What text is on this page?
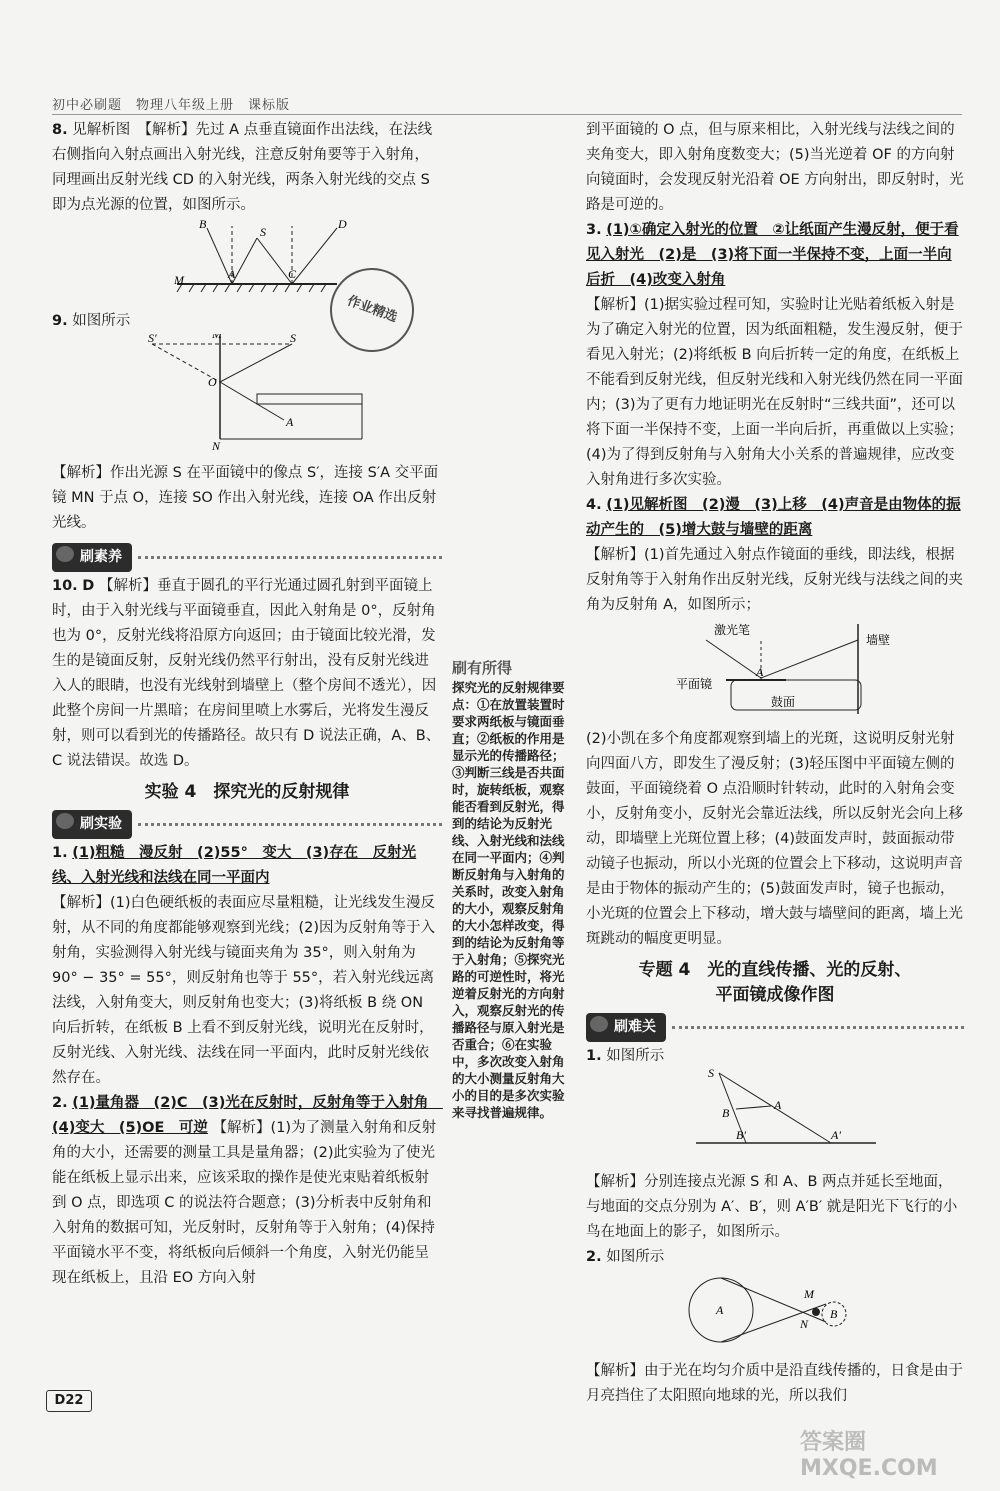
初中必刷题　物理八年级上册　课标版

8. 见解析图　【解析】先过 A 点垂直镜面作出法线，在法线右侧指向入射点画出入射光线，注意反射角要等于入射角，同理画出反射光线 CD 的入射光线，两条入射光线的交点 S 即为点光源的位置，如图所示。

B
S
D
M	A	C

9. 如图所示

S′	M	S
O
N
A

【解析】作出光源 S 在平面镜中的像点 S′，连接 S′A 交平面镜 MN 于点 O，连接 SO 作出入射光线，连接 OA 作出反射光线。

刷素养

10. D 【解析】垂直于圆孔的平行光通过圆孔射到平面镜上时，由于入射光线与平面镜垂直，因此入射角是 0°，反射角也为 0°，反射光线将沿原方向返回；由于镜面比较光滑，发生的是镜面反射，反射光线仍然平行射出，没有反射光线进入人的眼睛，也没有光线射到墙壁上（整个房间不透光），因此整个房间一片黑暗；在房间里喷上水雾后，光将发生漫反射，则可以看到光的传播路径。故只有 D 说法正确，A、B、C 说法错误。故选 D。

实验 4　探究光的反射规律
刷实验

1. (1)粗糙　漫反射　(2)55°　变大　(3)存在　反射光线、入射光线和法线在同一平面内

【解析】(1)白色硬纸板的表面应尽量粗糙，让光线发生漫反射，从不同的角度都能够观察到光线；(2)因为反射角等于入射角，实验测得入射光线与镜面夹角为 35°，则入射角为 90° − 35° = 55°，则反射角也等于 55°，若入射光线远离法线，入射角变大，则反射角也变大；(3)将纸板 B 绕 ON 向后折转，在纸板 B 上看不到反射光线，说明光在反射时，反射光线、入射光线、法线在同一平面内，此时反射光线依然存在。

2. (1)量角器　(2)C　(3)光在反射时，反射角等于入射角　(4)变大　(5)OE　可逆 【解析】(1)为了测量入射角和反射角的大小，还需要的测量工具是量角器；(2)此实验为了使光能在纸板上显示出来，应该采取的操作是使光束贴着纸板射到 O 点，即选项 C 的说法符合题意；(3)分析表中反射角和入射角的数据可知，光反射时，反射角等于入射角；(4)保持平面镜水平不变，将纸板向后倾斜一个角度，入射光仍能呈现在纸板上，且沿 EO 方向入射

作业精选
刷有所得
探究光的反射规律要点：①在放置装置时要求两纸板与镜面垂直；②纸板的作用是显示光的传播路径；③判断三线是否共面时，旋转纸板，观察能否看到反射光，得到的结论为反射光线、入射光线和法线在同一平面内；④判断反射角与入射角的关系时，改变入射角的大小，观察反射角的大小怎样改变，得到的结论为反射角等于入射角；⑤探究光路的可逆性时，将光逆着反射光的方向射入，观察反射光的传播路径与原入射光是否重合；⑥在实验中，多次改变入射角的大小测量反射角大小的目的是多次实验来寻找普遍规律。

到平面镜的 O 点，但与原来相比，入射光线与法线之间的夹角变大，即入射角度数变大；(5)当光逆着 OF 的方向射向镜面时，会发现反射光沿着 OE 方向射出，即反射时，光路是可逆的。

3. (1)①确定入射光的位置　②让纸面产生漫反射，便于看见入射光　(2)是　(3)将下面一半保持不变，上面一半向后折　(4)改变入射角

【解析】(1)据实验过程可知，实验时让光贴着纸板入射是为了确定入射光的位置，因为纸面粗糙，发生漫反射，便于看见入射光；(2)将纸板 B 向后折转一定的角度，在纸板上不能看到反射光线，但反射光线和入射光线仍然在同一平面内；(3)为了更有力地证明光在反射时“三线共面”，还可以将下面一半保持不变，上面一半向后折，再重做以上实验；(4)为了得到反射角与入射角大小关系的普遍规律，应改变入射角进行多次实验。

4. (1)见解析图　(2)漫　(3)上移　(4)声音是由物体的振动产生的　(5)增大鼓与墙壁的距离

【解析】(1)首先通过入射点作镜面的垂线，即法线，根据反射角等于入射角作出反射光线，反射光线与法线之间的夹角为反射角 A，如图所示；

激光笔
墙壁
平面镜
鼓面
A

(2)小凯在多个角度都观察到墙上的光斑，这说明反射光射向四面八方，即发生了漫反射；(3)轻压图中平面镜左侧的鼓面，平面镜绕着 O 点沿顺时针转动，此时的入射角会变小，反射角变小，反射光会靠近法线，所以反射光会向上移动，即墙壁上光斑位置上移；(4)鼓面发声时，鼓面振动带动镜子也振动，所以小光斑的位置会上下移动，这说明声音是由于物体的振动产生的；(5)鼓面发声时，镜子也振动，小光斑的位置会上下移动，增大鼓与墙壁间的距离，墙上光斑跳动的幅度更明显。

专题 4　光的直线传播、光的反射、
平面镜成像作图
刷难关

1. 如图所示

S
B
A
B′	A′

【解析】分别连接点光源 S 和 A、B 两点并延长至地面，与地面的交点分别为 A′、B′，则 A′B′ 就是阳光下飞行的小鸟在地面上的影子，如图所示。

2. 如图所示

A	B
M
N

【解析】由于光在均匀介质中是沿直线传播的，日食是由于月亮挡住了太阳照向地球的光，所以我们

D22
答案圈 MXQE.COM
